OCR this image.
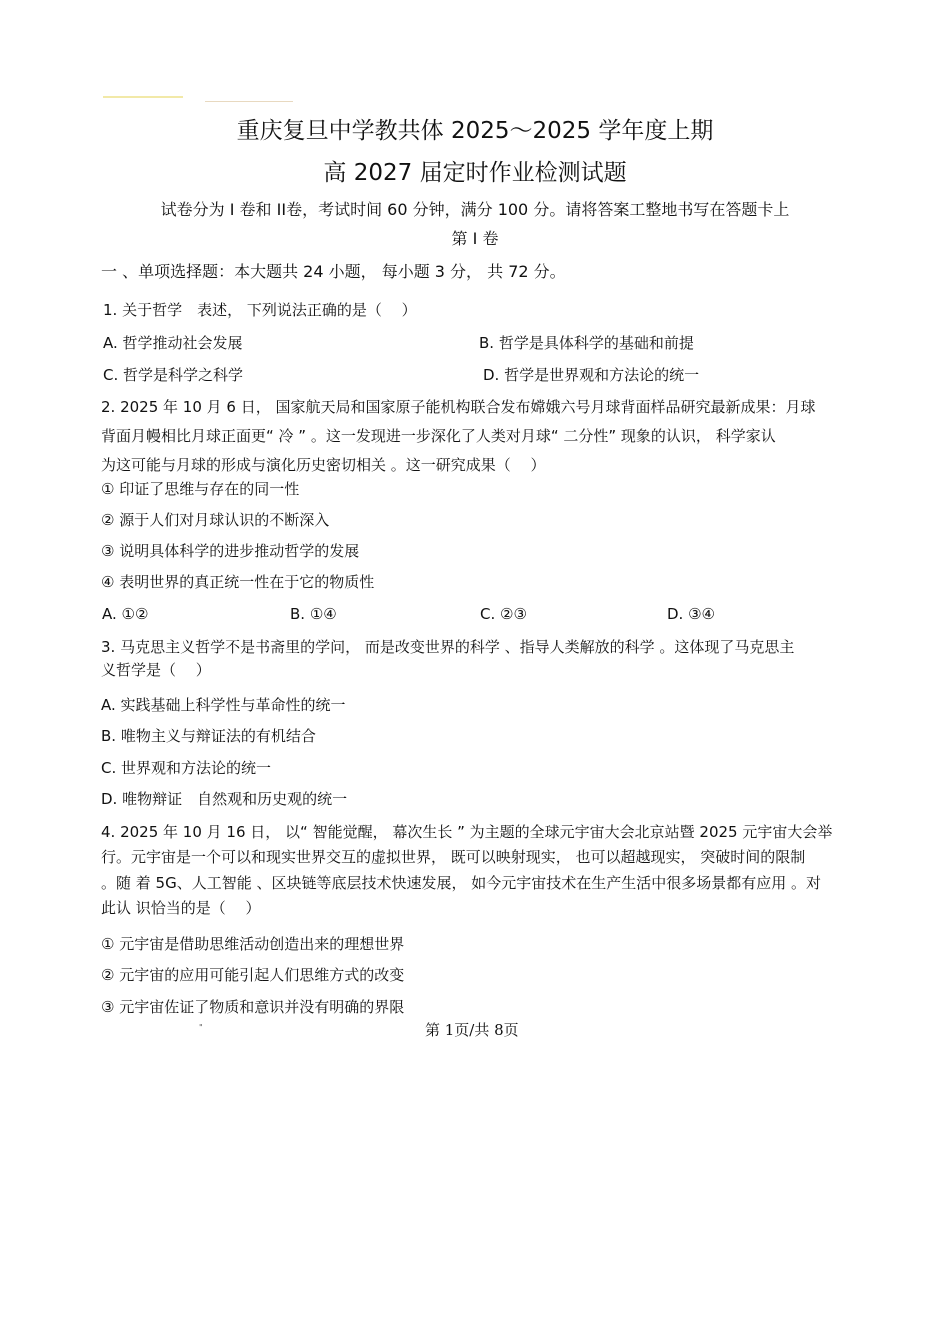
重庆复旦中学教共体 2025～2025 学年度上期
高 2027 届定时作业检测试题
试卷分为 I 卷和 II卷，考试时间 60 分钟，满分 100 分。请将答案工整地书写在答题卡上
第 Ⅰ 卷
一 、单项选择题：本大题共 24 小题， 每小题 3 分， 共 72 分。
1. 关于哲学　表述， 下列说法正确的是（　 ）
A. 哲学推动社会发展	B. 哲学是具体科学的基础和前提
C. 哲学是科学之科学	D. 哲学是世界观和方法论的统一
2. 2025 年 10 月 6 日， 国家航天局和国家原子能机构联合发布嫦娥六号月球背面样品研究最新成果：月球
背面月幔相比月球正面更“ 冷 ” 。这一发现进一步深化了人类对月球“ 二分性” 现象的认识， 科学家认
为这可能与月球的形成与演化历史密切相关 。这一研究成果（　 ）
① 印证了思维与存在的同一性
② 源于人们对月球认识的不断深入
③ 说明具体科学的进步推动哲学的发展
④ 表明世界的真正统一性在于它的物质性
A. ①②	B. ①④	C. ②③	D. ③④
3. 马克思主义哲学不是书斋里的学问， 而是改变世界的科学 、指导人类解放的科学 。这体现了马克思主
义哲学是（　 ）
A. 实践基础上科学性与革命性的统一
B. 唯物主义与辩证法的有机结合
C. 世界观和方法论的统一
D. 唯物辩证　自然观和历史观的统一
4. 2025 年 10 月 16 日， 以“ 智能觉醒， 幕次生长 ” 为主题的全球元宇宙大会北京站暨 2025 元宇宙大会举
行。元宇宙是一个可以和现实世界交互的虚拟世界， 既可以映射现实， 也可以超越现实， 突破时间的限制
。随 着 5G、人工智能 、区块链等底层技术快速发展， 如今元宇宙技术在生产生活中很多场景都有应用 。对
此认 识恰当的是（　 ）
① 元宇宙是借助思维活动创造出来的理想世界
② 元宇宙的应用可能引起人们思维方式的改变
③ 元宇宙佐证了物质和意识并没有明确的界限
"	第 1页/共 8页
